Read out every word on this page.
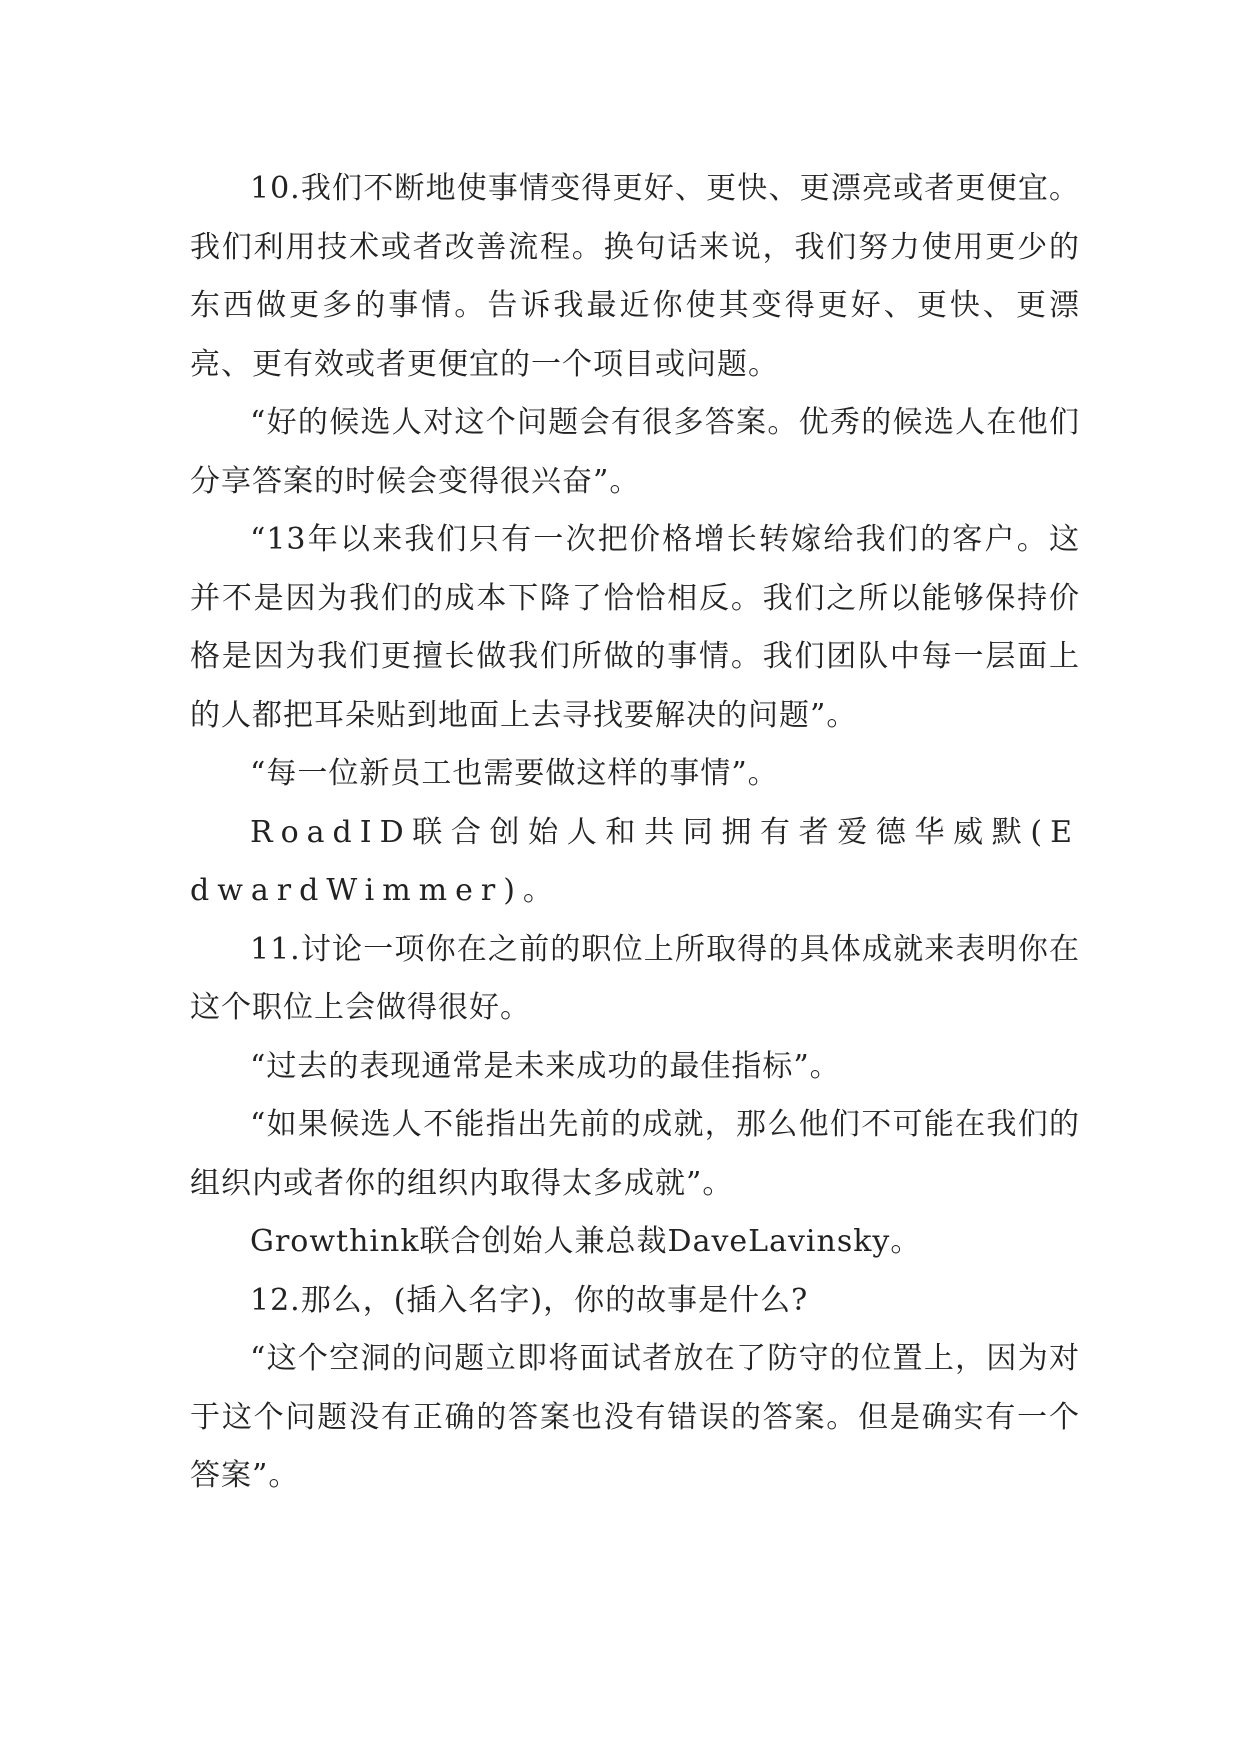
10.我们不断地使事情变得更好、更快、更漂亮或者更便宜。我们利用技术或者改善流程。换句话来说，我们努力使用更少的东西做更多的事情。告诉我最近你使其变得更好、更快、更漂亮、更有效或者更便宜的一个项目或问题。

“好的候选人对这个问题会有很多答案。优秀的候选人在他们分享答案的时候会变得很兴奋”。

“13年以来我们只有一次把价格增长转嫁给我们的客户。这并不是因为我们的成本下降了恰恰相反。我们之所以能够保持价格是因为我们更擅长做我们所做的事情。我们团队中每一层面上的人都把耳朵贴到地面上去寻找要解决的问题”。

“每一位新员工也需要做这样的事情”。

RoadID联合创始人和共同拥有者爱德华威默(EdwardWimmer)。

11.讨论一项你在之前的职位上所取得的具体成就来表明你在这个职位上会做得很好。

“过去的表现通常是未来成功的最佳指标”。

“如果候选人不能指出先前的成就，那么他们不可能在我们的组织内或者你的组织内取得太多成就”。

Growthink联合创始人兼总裁DaveLavinsky。

12.那么，(插入名字)，你的故事是什么?

“这个空洞的问题立即将面试者放在了防守的位置上，因为对于这个问题没有正确的答案也没有错误的答案。但是确实有一个答案”。
